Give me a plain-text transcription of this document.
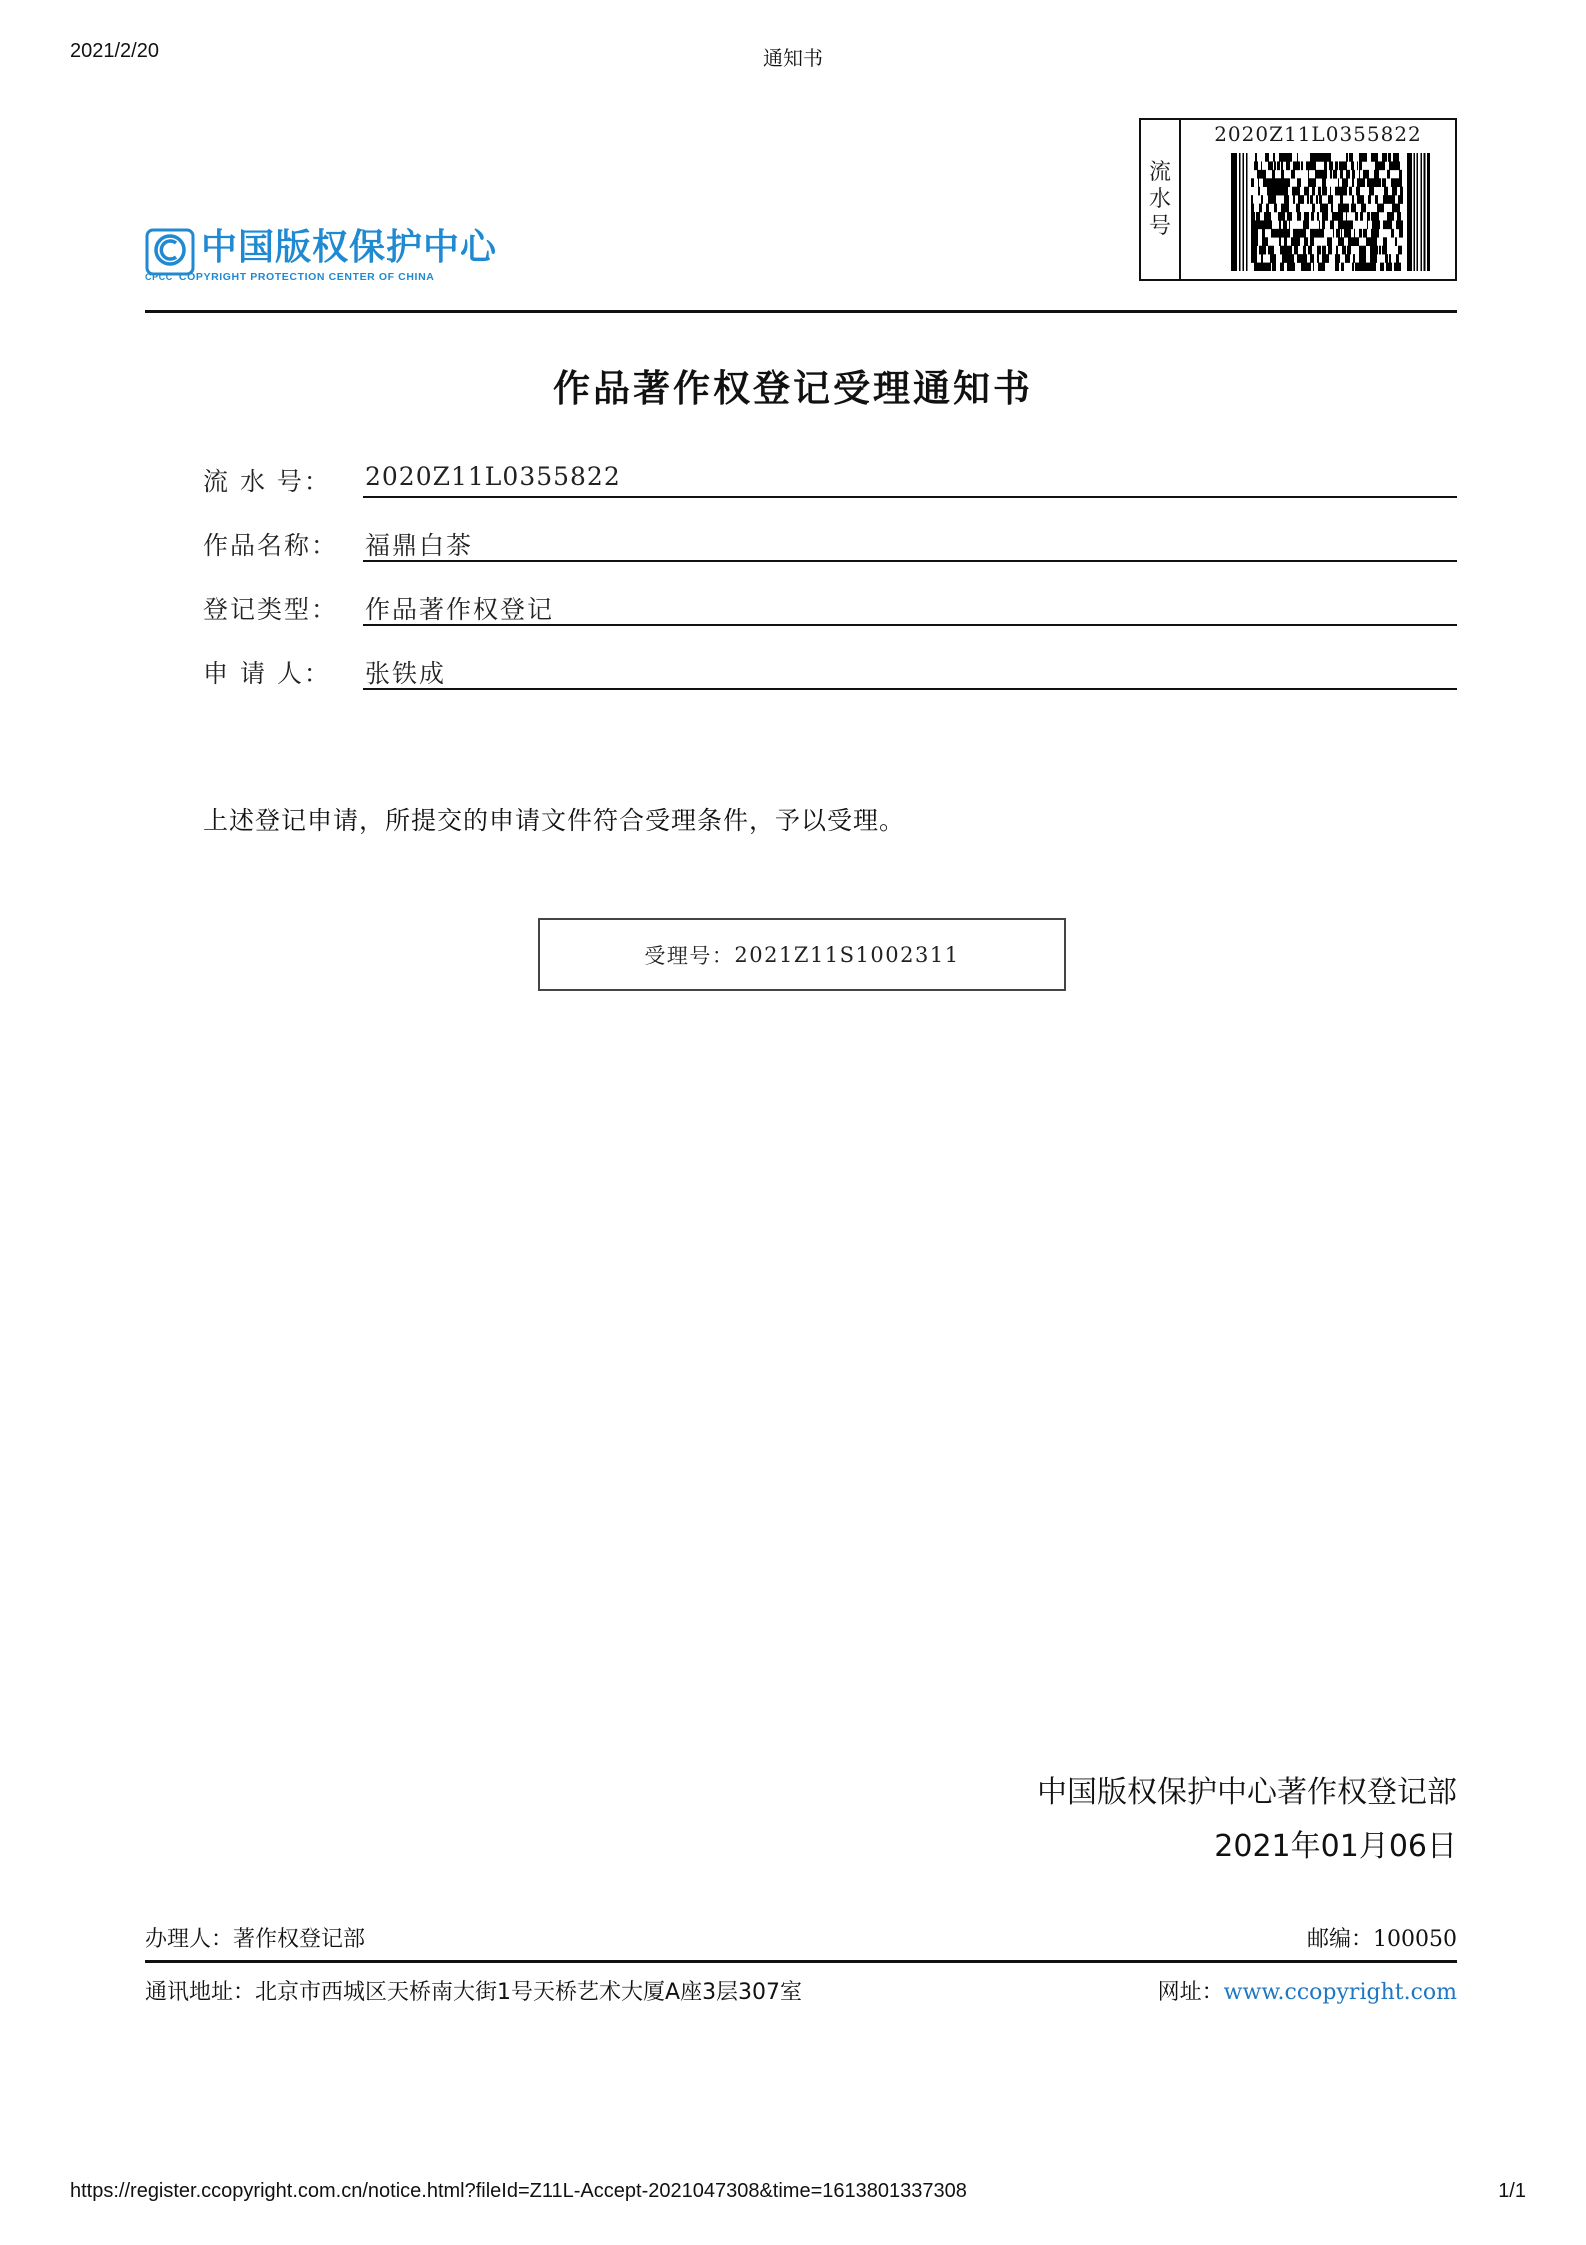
2021/2/20	通知书
中国版权保护中心
CPCC COPYRIGHT PROTECTION CENTER OF CHINA
流
水
号
2020Z11L0355822
作品著作权登记受理通知书
流 水 号： 2020Z11L0355822
作品名称： 福鼎白茶
登记类型： 作品著作权登记
申 请 人： 张铁成

上述登记申请，所提交的申请文件符合受理条件，予以受理。

受理号： 2021Z11S1002311
中国版权保护中心著作权登记部
2021年01月06日
办理人：著作权登记部	邮编：100050
通讯地址：北京市西城区天桥南大街1号天桥艺术大厦A座3层307室	网址：www.ccopyright.com
https://register.ccopyright.com.cn/notice.html?fileId=Z11L-Accept-2021047308&time=1613801337308	1/1
